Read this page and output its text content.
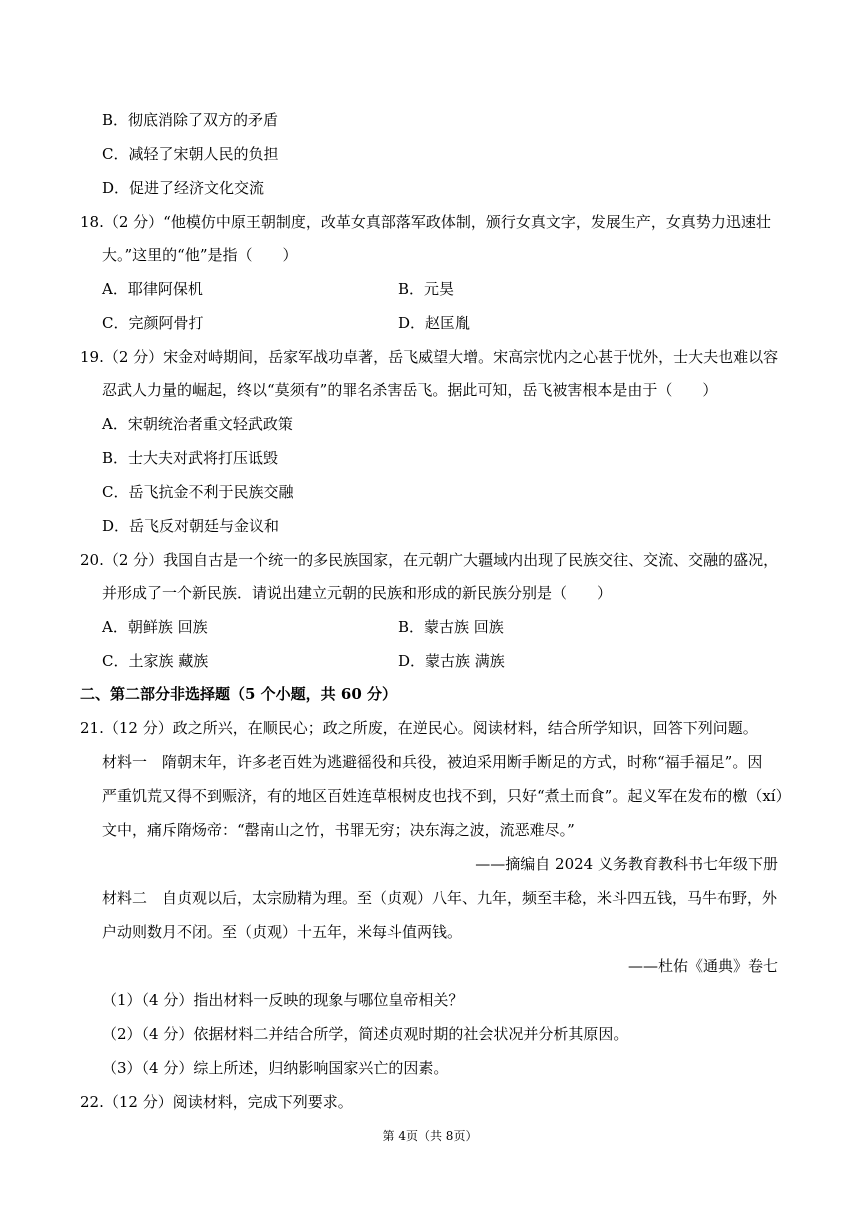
B．彻底消除了双方的矛盾
C．减轻了宋朝人民的负担
D．促进了经济文化交流
18.（2 分）“他模仿中原王朝制度，改革女真部落军政体制，颁行女真文字，发展生产，女真势力迅速壮
大。”这里的“他”是指（　　）
A．耶律阿保机	B．元昊
C．完颜阿骨打	D．赵匡胤
19.（2 分）宋金对峙期间，岳家军战功卓著，岳飞威望大增。宋高宗忧内之心甚于忧外，士大夫也难以容
忍武人力量的崛起，终以“莫须有”的罪名杀害岳飞。据此可知，岳飞被害根本是由于（　　）
A．宋朝统治者重文轻武政策
B．士大夫对武将打压诋毁
C．岳飞抗金不利于民族交融
D．岳飞反对朝廷与金议和
20.（2 分）我国自古是一个统一的多民族国家，在元朝广大疆域内出现了民族交往、交流、交融的盛况，
并形成了一个新民族．请说出建立元朝的民族和形成的新民族分别是（　　）
A．朝鲜族 回族	B．蒙古族 回族
C．土家族 藏族	D．蒙古族 满族
二、第二部分非选择题（5 个小题，共 60 分）
21.（12 分）政之所兴，在顺民心；政之所废，在逆民心。阅读材料，结合所学知识，回答下列问题。
材料一　隋朝末年，许多老百姓为逃避徭役和兵役，被迫采用断手断足的方式，时称“福手福足”。因
严重饥荒又得不到赈济，有的地区百姓连草根树皮也找不到，只好“煮土而食”。起义军在发布的檄（xí）
文中，痛斥隋炀帝：“罄南山之竹，书罪无穷；决东海之波，流恶难尽。”
——摘编自 2024 义务教育教科书七年级下册
材料二　自贞观以后，太宗励精为理。至（贞观）八年、九年，频至丰稔，米斗四五钱，马牛布野，外
户动则数月不闭。至（贞观）十五年，米每斗值两钱。
——杜佑《通典》卷七
（1）（4 分）指出材料一反映的现象与哪位皇帝相关？
（2）（4 分）依据材料二并结合所学，简述贞观时期的社会状况并分析其原因。
（3）（4 分）综上所述，归纳影响国家兴亡的因素。
22.（12 分）阅读材料，完成下列要求。
第 4页（共 8页）
